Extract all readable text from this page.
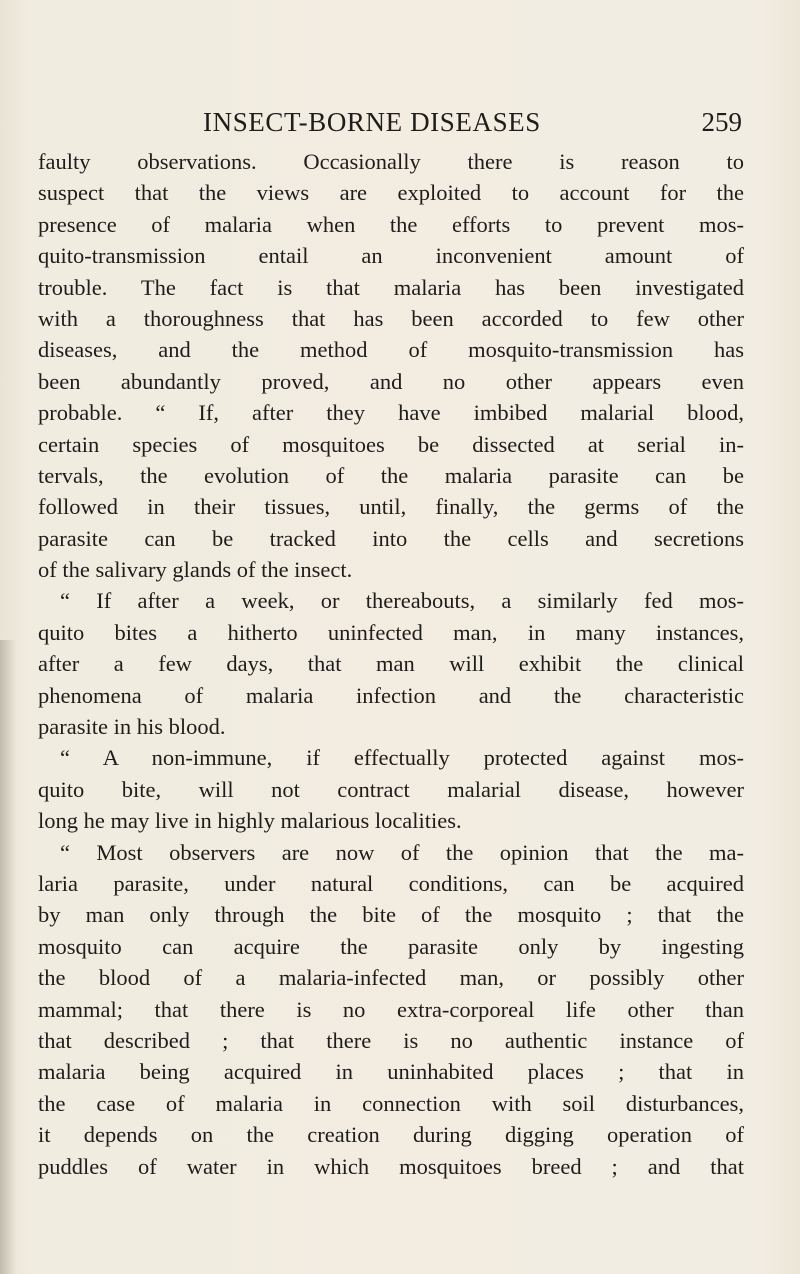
INSECT-BORNE DISEASES	259
faulty observations. Occasionally there is reason to
suspect that the views are exploited to account for the
presence of malaria when the efforts to prevent mos-
quito-transmission entail an inconvenient amount of
trouble. The fact is that malaria has been investigated
with a thoroughness that has been accorded to few other
diseases, and the method of mosquito-transmission has
been abundantly proved, and no other appears even
probable. “ If, after they have imbibed malarial blood,
certain species of mosquitoes be dissected at serial in-
tervals, the evolution of the malaria parasite can be
followed in their tissues, until, finally, the germs of the
parasite can be tracked into the cells and secretions
of the salivary glands of the insect.
“ If after a week, or thereabouts, a similarly fed mos-
quito bites a hitherto uninfected man, in many instances,
after a few days, that man will exhibit the clinical
phenomena of malaria infection and the characteristic
parasite in his blood.
“ A non-immune, if effectually protected against mos-
quito bite, will not contract malarial disease, however
long he may live in highly malarious localities.
“ Most observers are now of the opinion that the ma-
laria parasite, under natural conditions, can be acquired
by man only through the bite of the mosquito ; that the
mosquito can acquire the parasite only by ingesting
the blood of a malaria-infected man, or possibly other
mammal; that there is no extra-corporeal life other than
that described ; that there is no authentic instance of
malaria being acquired in uninhabited places ; that in
the case of malaria in connection with soil disturbances,
it depends on the creation during digging operation of
puddles of water in which mosquitoes breed ; and that
